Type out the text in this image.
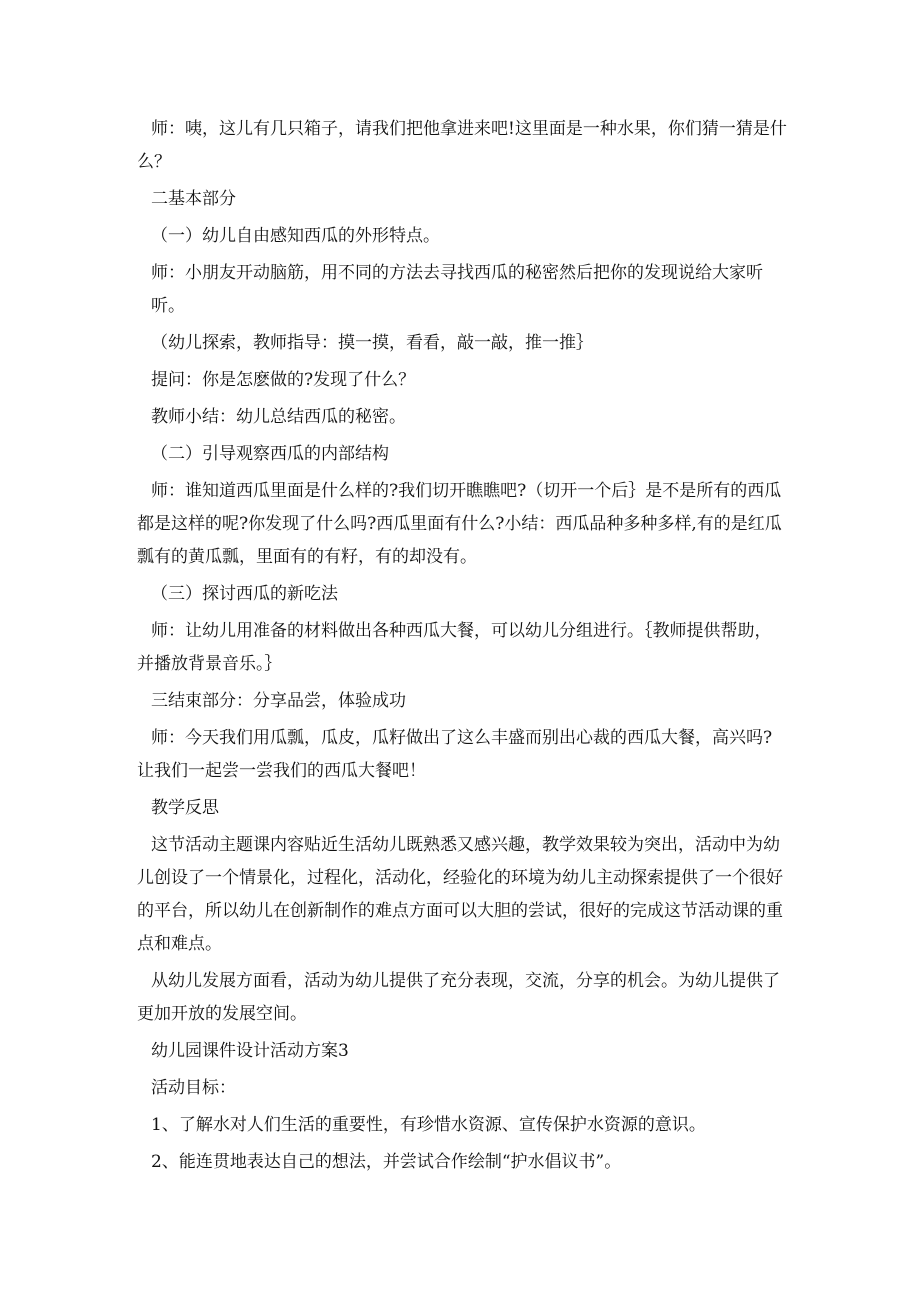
师：咦，这儿有几只箱子，请我们把他拿进来吧!这里面是一种水果，你们猜一猜是什么？

二基本部分

（一）幼儿自由感知西瓜的外形特点。

师：小朋友开动脑筋，用不同的方法去寻找西瓜的秘密然后把你的发现说给大家听听。

（幼儿探索，教师指导：摸一摸，看看，敲一敲，推一推｝

提问：你是怎麽做的?发现了什么？

教师小结：幼儿总结西瓜的秘密。

（二）引导观察西瓜的内部结构

师：谁知道西瓜里面是什么样的?我们切开瞧瞧吧?（切开一个后｝是不是所有的西瓜都是这样的呢?你发现了什么吗?西瓜里面有什么?小结：西瓜品种多种多样,有的是红瓜瓢有的黄瓜瓢，里面有的有籽，有的却没有。

（三）探讨西瓜的新吃法

师：让幼儿用准备的材料做出各种西瓜大餐，可以幼儿分组进行。｛教师提供帮助，并播放背景音乐。｝

三结束部分：分享品尝，体验成功

师：今天我们用瓜瓢，瓜皮，瓜籽做出了这么丰盛而别出心裁的西瓜大餐，高兴吗?让我们一起尝一尝我们的西瓜大餐吧！

教学反思

这节活动主题课内容贴近生活幼儿既熟悉又感兴趣，教学效果较为突出，活动中为幼儿创设了一个情景化，过程化，活动化，经验化的环境为幼儿主动探索提供了一个很好的平台，所以幼儿在创新制作的难点方面可以大胆的尝试，很好的完成这节活动课的重点和难点。

从幼儿发展方面看，活动为幼儿提供了充分表现，交流，分享的机会。为幼儿提供了更加开放的发展空间。

幼儿园课件设计活动方案3

活动目标：

1、了解水对人们生活的重要性，有珍惜水资源、宣传保护水资源的意识。

2、能连贯地表达自己的想法，并尝试合作绘制“护水倡议书”。
